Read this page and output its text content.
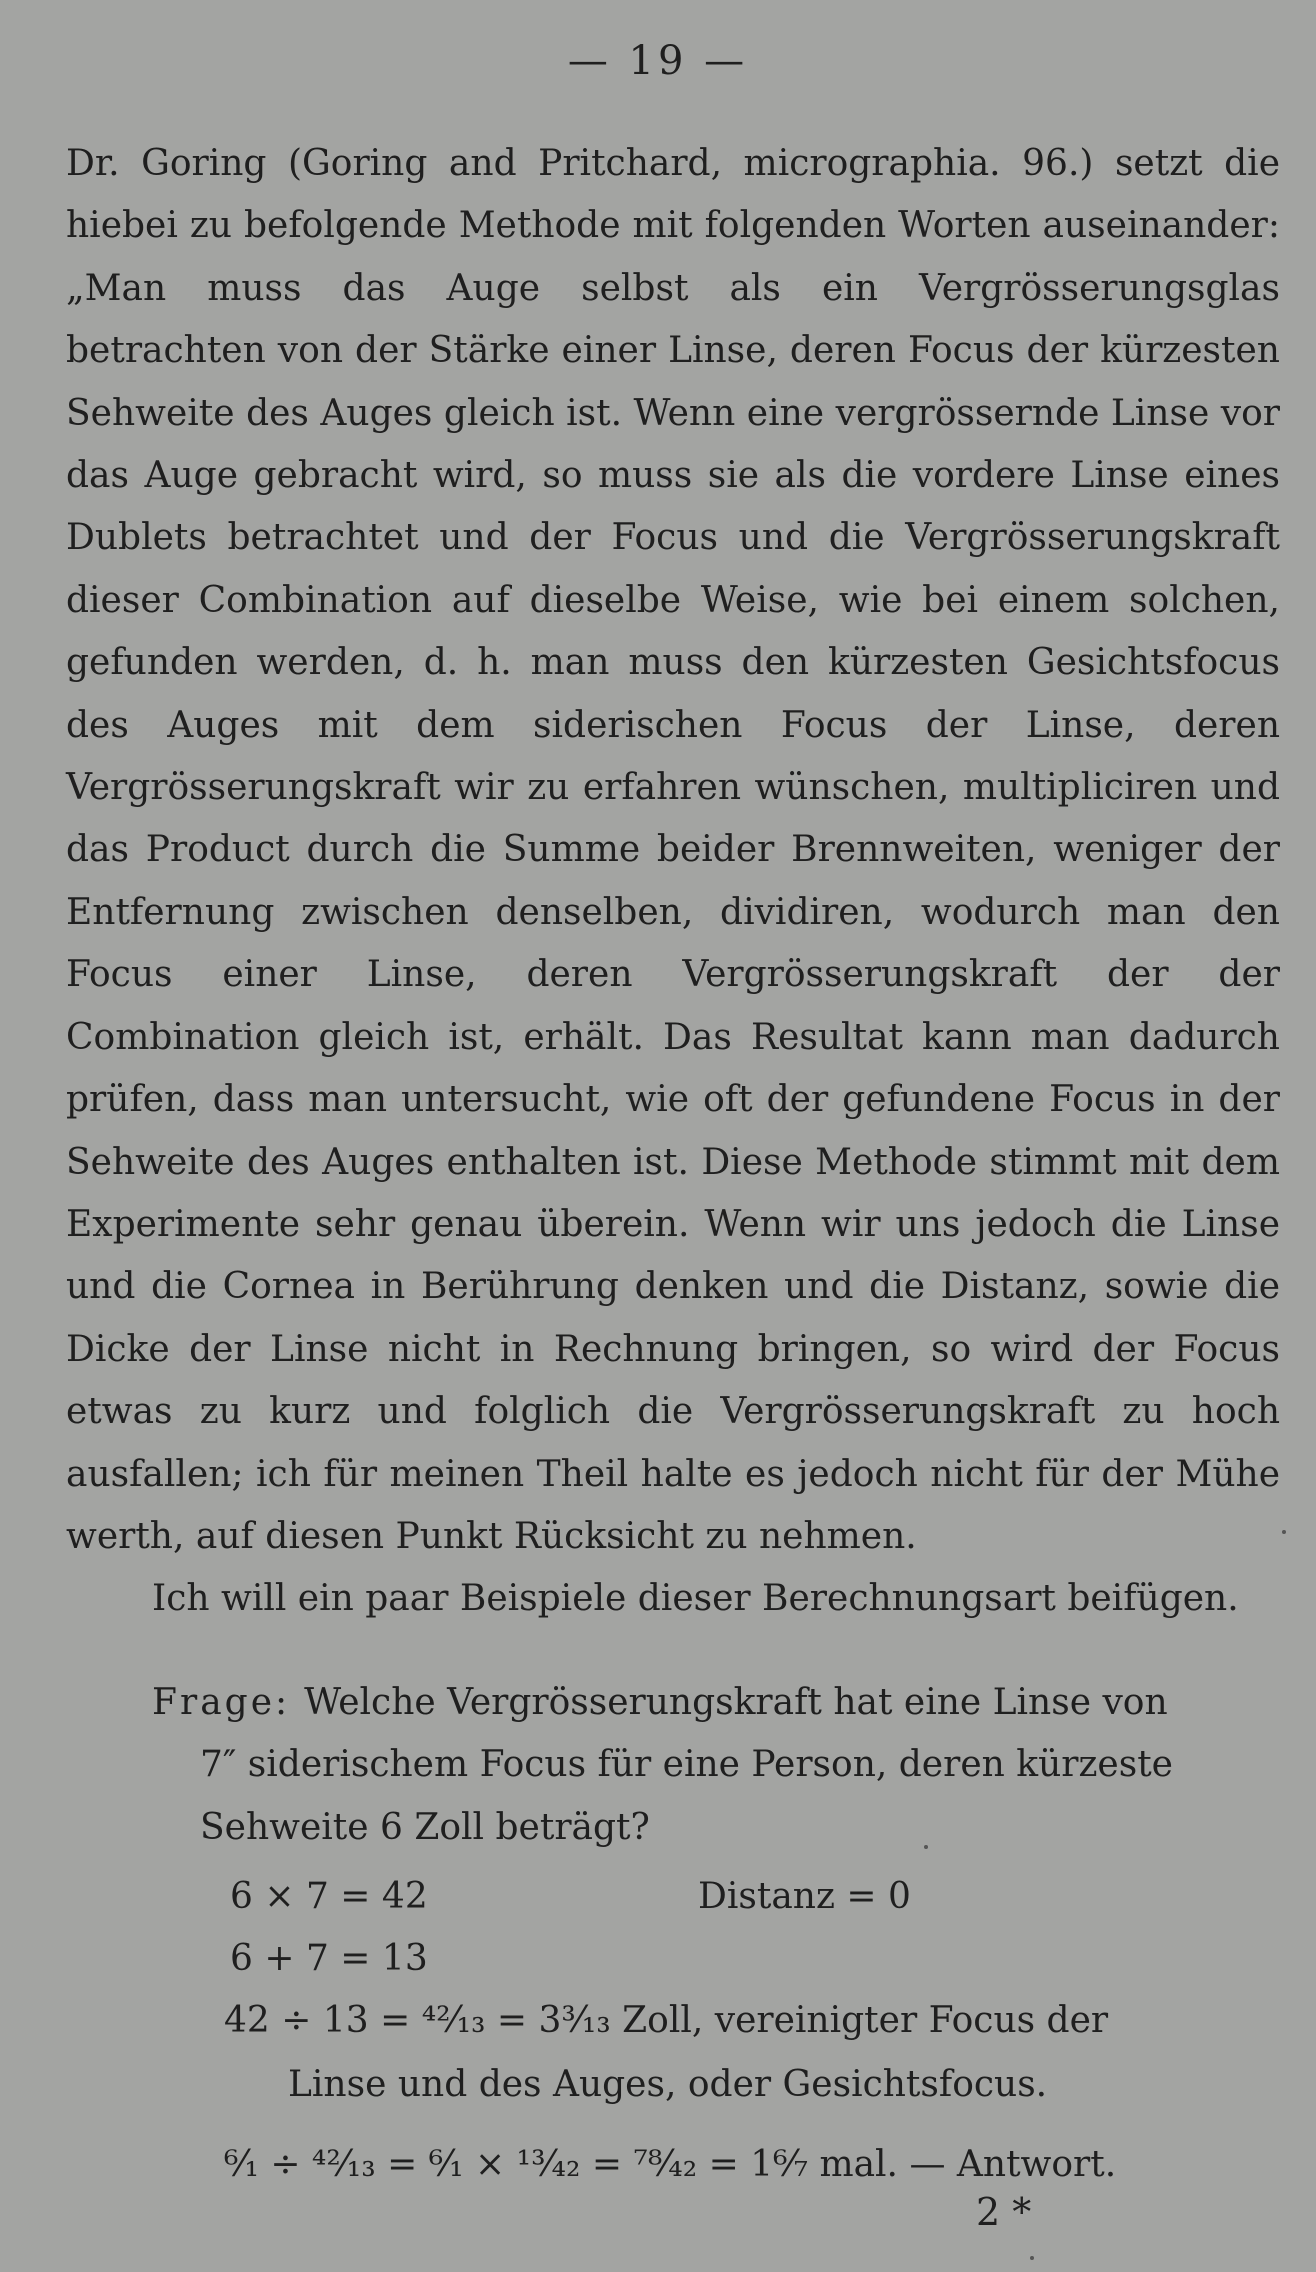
— 19 —

Dr. Goring (Goring and Pritchard, micrographia. 96.) setzt die hiebei zu befolgende Methode mit folgenden Worten auseinander: „Man muss das Auge selbst als ein Vergrösserungsglas betrachten von der Stärke einer Linse, deren Focus der kürzesten Sehweite des Auges gleich ist. Wenn eine vergrössernde Linse vor das Auge gebracht wird, so muss sie als die vordere Linse eines Dublets betrachtet und der Focus und die Vergrösserungskraft dieser Combination auf dieselbe Weise, wie bei einem solchen, gefunden werden, d. h. man muss den kürzesten Gesichtsfocus des Auges mit dem siderischen Focus der Linse, deren Vergrösserungskraft wir zu erfahren wünschen, multipliciren und das Product durch die Summe beider Brennweiten, weniger der Entfernung zwischen denselben, dividiren, wodurch man den Focus einer Linse, deren Vergrösserungskraft der der Combination gleich ist, erhält. Das Resultat kann man dadurch prüfen, dass man untersucht, wie oft der gefundene Focus in der Sehweite des Auges enthalten ist. Diese Methode stimmt mit dem Experimente sehr genau überein. Wenn wir uns jedoch die Linse und die Cornea in Berührung denken und die Distanz, sowie die Dicke der Linse nicht in Rechnung bringen, so wird der Focus etwas zu kurz und folglich die Vergrösserungskraft zu hoch ausfallen; ich für meinen Theil halte es jedoch nicht für der Mühe werth, auf diesen Punkt Rücksicht zu nehmen.

Ich will ein paar Beispiele dieser Berechnungsart beifügen.

Frage: Welche Vergrösserungskraft hat eine Linse von
7″ siderischem Focus für eine Person, deren kürzeste
Sehweite 6 Zoll beträgt?
6 × 7 = 42	Distanz = 0
6 + 7 = 13
42 ÷ 13 = ⁴²⁄₁₃ = 3³⁄₁₃ Zoll, vereinigter Focus der
Linse und des Auges, oder Gesichtsfocus.
⁶⁄₁ ÷ ⁴²⁄₁₃ = ⁶⁄₁ × ¹³⁄₄₂ = ⁷⁸⁄₄₂ = 1⁶⁄₇ mal. — Antwort.
2 *
